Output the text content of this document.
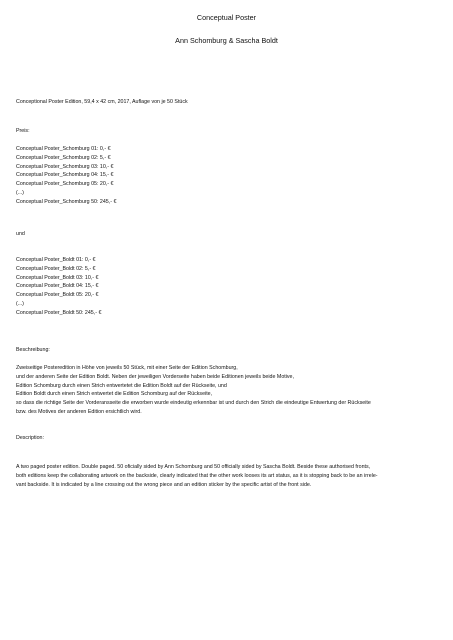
Conceptual Poster
Ann Schomburg & Sascha Boldt
Conceptional Poster Edition, 59,4 x 42 cm, 2017, Auflage von je 50 Stück
Preis:
Conceptual Poster_Schomburg 01: 0,- €
Conceptual Poster_Schomburg 02: 5,- €
Conceptual Poster_Schomburg 03: 10,- €
Conceptual Poster_Schomburg 04: 15,- €
Conceptual Poster_Schomburg 05: 20,- €
(...)
Conceptual Poster_Schomburg 50: 245,- €
und
Conceptual Poster_Boldt 01: 0,- €
Conceptual Poster_Boldt 02: 5,- €
Conceptual Poster_Boldt 03: 10,- €
Conceptual Poster_Boldt 04: 15,- €
Conceptual Poster_Boldt 05: 20,- €
(...)
Conceptual Poster_Boldt 50: 245,- €
Beschreibung:
Zweiseitige Posteredition in Höhe von jeweils 50 Stück, mit einer Seite der Edition Schomburg,
und der anderen Seite der Edition Boldt. Neben der jeweiligen Vorderseite haben beide Editionen jeweils beide Motive,
Edition Schomburg durch einen Strich entwertetet die Edition Boldt auf der Rückseite, und
Edition Boldt durch einen Strich entwertet die Edition Schomburg auf der Rückseite,
so dass die richtige Seite der Vorderansseite die erworben wurde eindeutig erkennbar ist und durch den Strich die eindeutige Entwertung der Rückseite
bzw. des Motives der anderen Edition ersichtlich wird.
Description:
A two paged poster edition. Double paged. 50 oficially sided by Ann Schomburg and 50 officially sided by Sascha Boldt. Beside these authorised fronts,
both editions keep the collaborating artwork on the backside, clearly indicated that the other work looses its art status, as it is stopping back to be an irrele-
vant backside. It is indicated by a line crossing out the wrong piece and an edition sticker by the specific artist of the front side.
